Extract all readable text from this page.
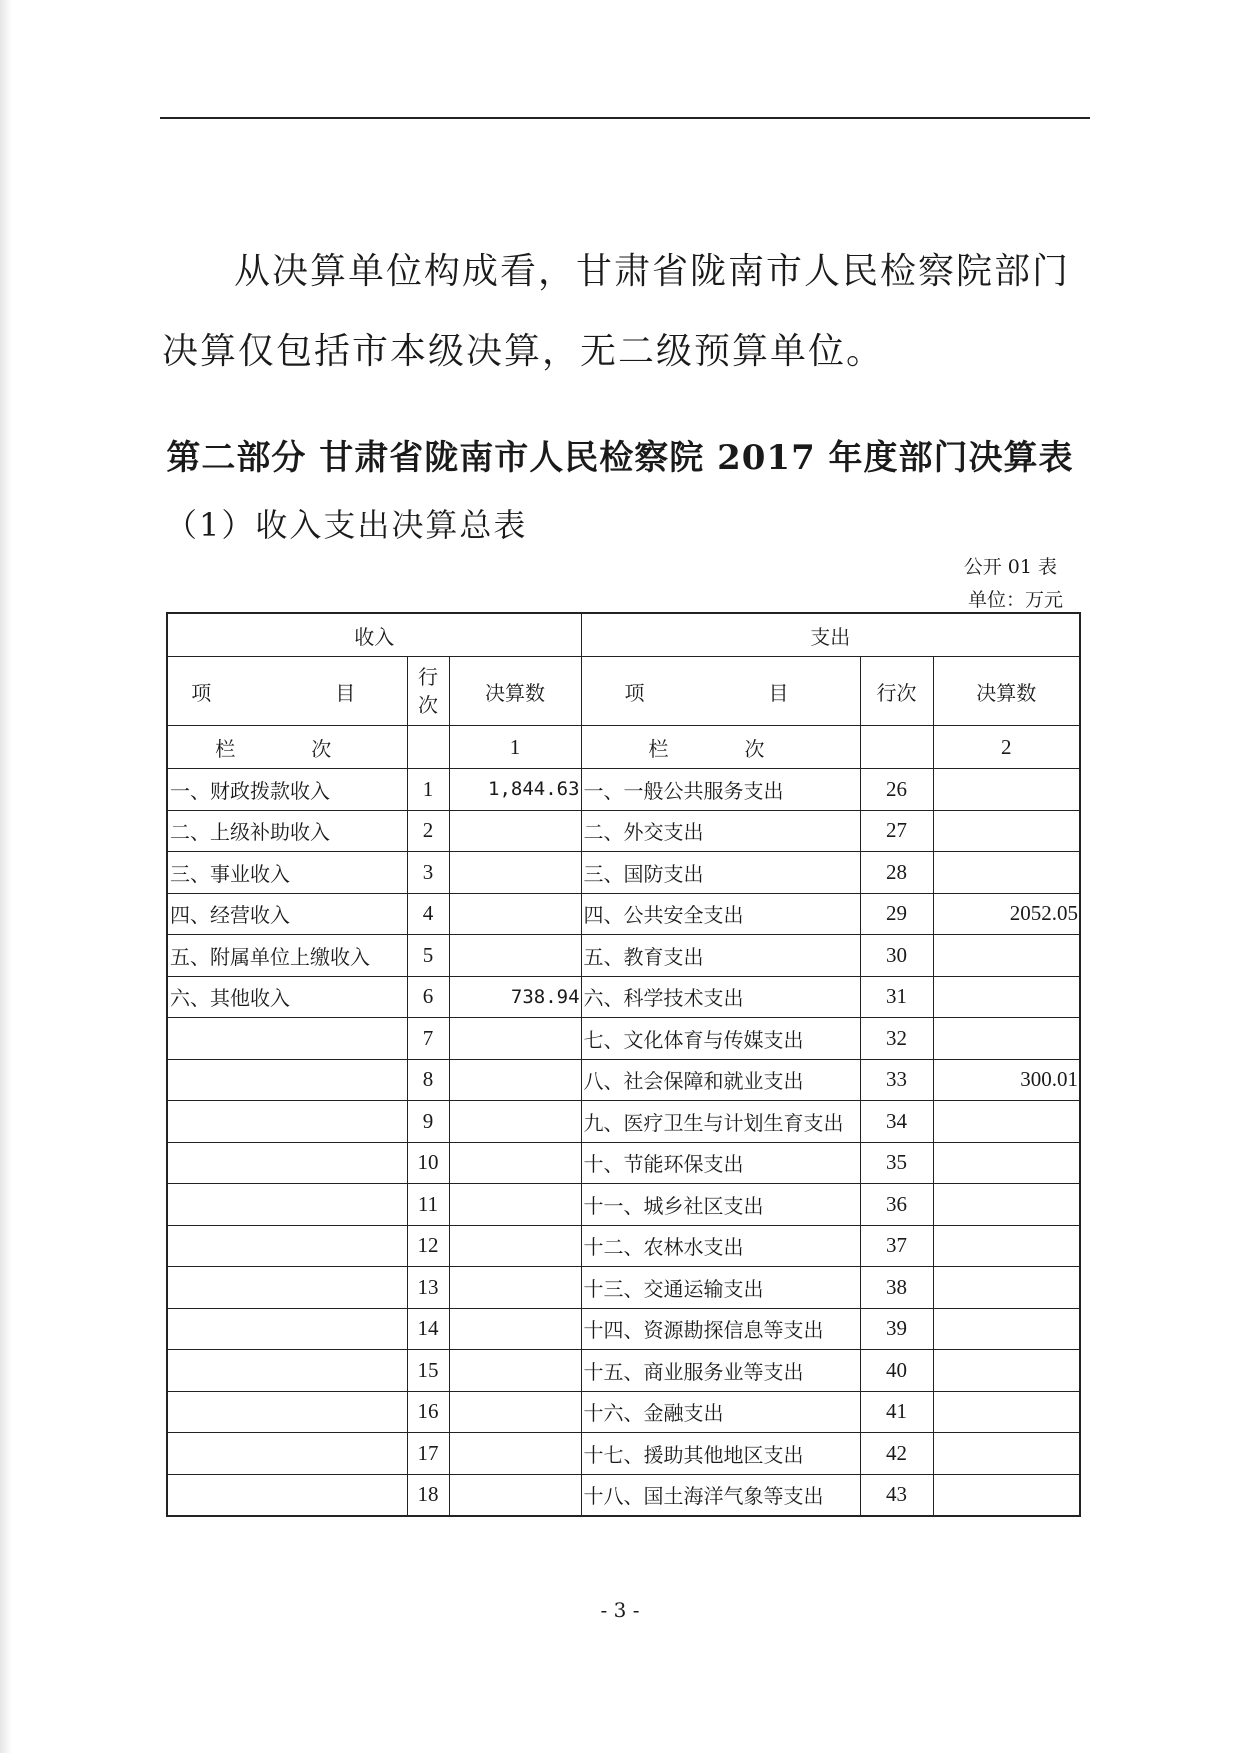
从决算单位构成看，甘肃省陇南市人民检察院部门决算仅包括市本级决算，无二级预算单位。

第二部分 甘肃省陇南市人民检察院 2017 年度部门决算表
（1）收入支出决算总表
公开 01 表
单位：万元
收入			支出		
项　　目	行次	决算数	项　　目	行次	决算数
栏　次		1	栏　次		2
一、财政拨款收入	1	1,844.63	一、一般公共服务支出	26	
二、上级补助收入	2		二、外交支出	27	
三、事业收入	3		三、国防支出	28	
四、经营收入	4		四、公共安全支出	29	2052.05
五、附属单位上缴收入	5		五、教育支出	30	
六、其他收入	6	738.94	六、科学技术支出	31	
	7		七、文化体育与传媒支出	32	
	8		八、社会保障和就业支出	33	300.01
	9		九、医疗卫生与计划生育支出	34	
	10		十、节能环保支出	35	
	11		十一、城乡社区支出	36	
	12		十二、农林水支出	37	
	13		十三、交通运输支出	38	
	14		十四、资源勘探信息等支出	39	
	15		十五、商业服务业等支出	40	
	16		十六、金融支出	41	
	17		十七、援助其他地区支出	42	
	18		十八、国土海洋气象等支出	43	
- 3 -
